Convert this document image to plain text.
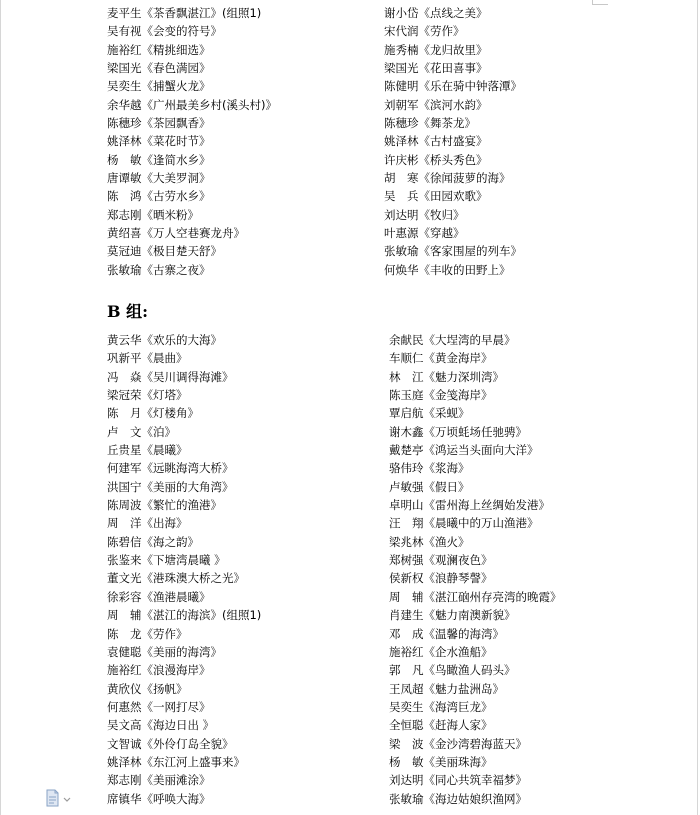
麦平生《茶香飘湛江》(组照1)
吴有视《会变的符号》
施裕红《精挑细选》
梁国光《春色满园》
吴奕生《捕蟹火龙》
余华越《广州最美乡村(溪头村)》
陈穗珍《茶园飘香》
姚泽林《菜花时节》
杨　敏《逢简水乡》
唐谭敏《大美罗洞》
陈　鸿《古劳水乡》
郑志刚《晒米粉》
黄绍喜《万人空巷赛龙舟》
莫冠迪《极目楚天舒》
张敏瑜《古寨之夜》
谢小岱《点线之美》
宋代润《劳作》
施秀楠《龙归故里》
梁国光《花田喜事》
陈健明《乐在骑中钟落潭》
刘朝军《滨河水韵》
陈穗珍《舞茶龙》
姚泽林《古村盛宴》
许庆彬《桥头秀色》
胡　寒《徐闻菠萝的海》
吴　兵《田园欢歌》
刘达明《牧归》
叶惠源《穿越》
张敏瑜《客家围屋的列车》
何焕华《丰收的田野上》
B 组:
黄云华《欢乐的大海》
巩新平《晨曲》
冯　焱《吴川调得海滩》
梁冠荣《灯塔》
陈　月《灯楼角》
卢　文《泊》
丘贵星《晨曦》
何建军《远眺海湾大桥》
洪国宁《美丽的大角湾》
陈周波《繁忙的渔港》
周　洋《出海》
陈碧信《海之韵》
张鉴来《下塘湾晨曦 》
董文光《港珠澳大桥之光》
徐彩容《渔港晨曦》
周　辅《湛江的海滨》(组照1)
陈　龙《劳作》
袁健聪《美丽的海湾》
施裕红《浪漫海岸》
黄欣仪《扬帆》
何惠然《一网打尽》
吴文高《海边日出 》
文智诚《外伶仃岛全貌》
姚泽林《东江河上盛事来》
郑志刚《美丽滩涂》
席镇华《呼唤大海》
余献民《大埕湾的早晨》
车顺仁《黄金海岸》
林　江《魅力深圳湾》
陈玉庭《金笺海岸》
覃启航《采蚬》
谢木鑫《万顷蚝场任驰骋》
戴楚亭《鸿运当头面向大洋》
骆伟玲《浆海》
卢敏强《假日》
卓明山《雷州海上丝绸始发港》
汪　翔《晨曦中的万山渔港》
梁兆林《渔火》
郑树强《观澜夜色》
侯新权《浪静琴謦》
周　辅《湛江硇州存亮湾的晚霞》
肖建生《魅力南澳新貌》
邓　成《温馨的海湾》
施裕红《企水渔船》
郭　凡《鸟瞰渔人码头》
王凤超《魅力盐洲岛》
吴奕生《海湾巨龙》
全恒聪《赶海人家》
梁　波《金沙湾碧海蓝天》
杨　敏《美丽珠海》
刘达明《同心共筑幸福梦》
张敏瑜《海边姑娘织渔网》
